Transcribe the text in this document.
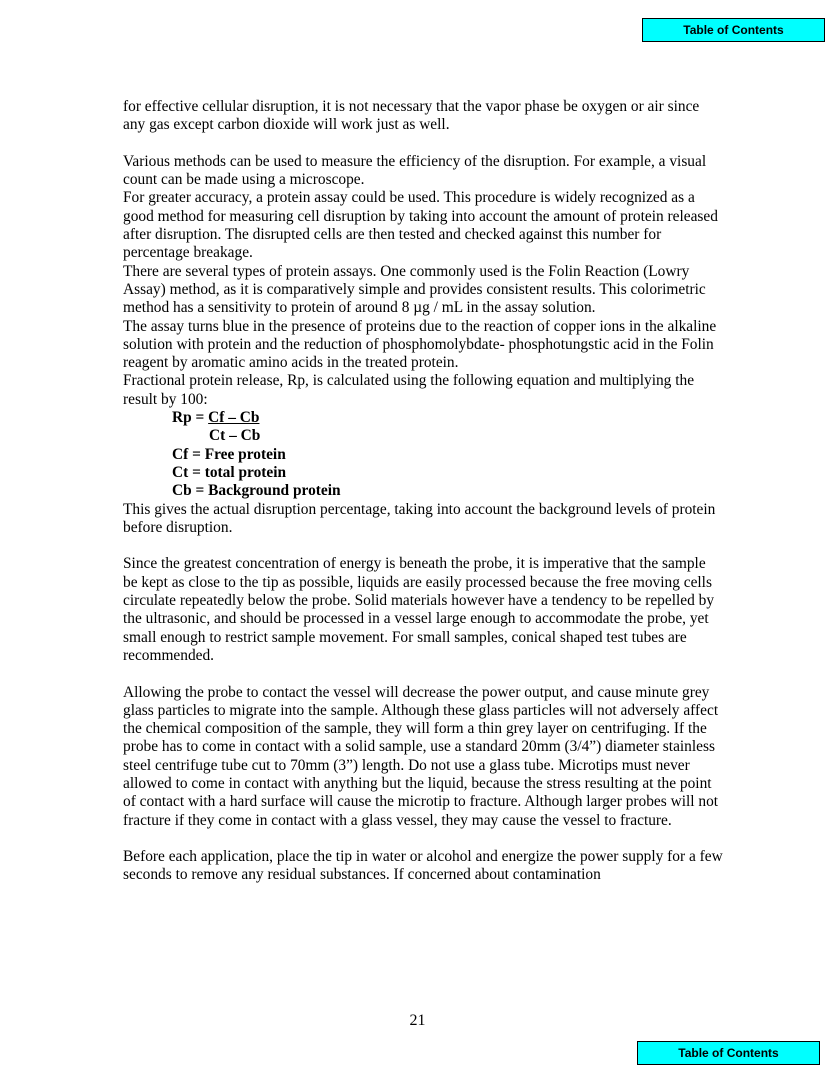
Table of Contents

for effective cellular disruption, it is not necessary that the vapor phase be oxygen or air since any gas except carbon dioxide will work just as well.

Various methods can be used to measure the efficiency of the disruption. For example, a visual count can be made using a microscope.

For greater accuracy, a protein assay could be used. This procedure is widely recognized as a good method for measuring cell disruption by taking into account the amount of protein released after disruption. The disrupted cells are then tested and checked against this number for percentage breakage.

There are several types of protein assays. One commonly used is the Folin Reaction (Lowry Assay) method, as it is comparatively simple and provides consistent results. This colorimetric method has a sensitivity to protein of around 8 µg / mL in the assay solution.

The assay turns blue in the presence of proteins due to the reaction of copper ions in the alkaline solution with protein and the reduction of phosphomolybdate- phosphotungstic acid in the Folin reagent by aromatic amino acids in the treated protein.

Fractional protein release, Rp, is calculated using the following equation and multiplying the result by 100:

Rp = Cf – Cb
Ct – Cb
Cf = Free protein
Ct = total protein
Cb = Background protein

This gives the actual disruption percentage, taking into account the background levels of protein before disruption.

Since the greatest concentration of energy is beneath the probe, it is imperative that the sample be kept as close to the tip as possible, liquids are easily processed because the free moving cells circulate repeatedly below the probe. Solid materials however have a tendency to be repelled by the ultrasonic, and should be processed in a vessel large enough to accommodate the probe, yet small enough to restrict sample movement. For small samples, conical shaped test tubes are recommended.

Allowing the probe to contact the vessel will decrease the power output, and cause minute grey glass particles to migrate into the sample. Although these glass particles will not adversely affect the chemical composition of the sample, they will form a thin grey layer on centrifuging. If the probe has to come in contact with a solid sample, use a standard 20mm (3/4”) diameter stainless steel centrifuge tube cut to 70mm (3”) length. Do not use a glass tube. Microtips must never allowed to come in contact with anything but the liquid, because the stress resulting at the point of contact with a hard surface will cause the microtip to fracture. Although larger probes will not fracture if they come in contact with a glass vessel, they may cause the vessel to fracture.

Before each application, place the tip in water or alcohol and energize the power supply for a few seconds to remove any residual substances. If concerned about contamination

21
Table of Contents
